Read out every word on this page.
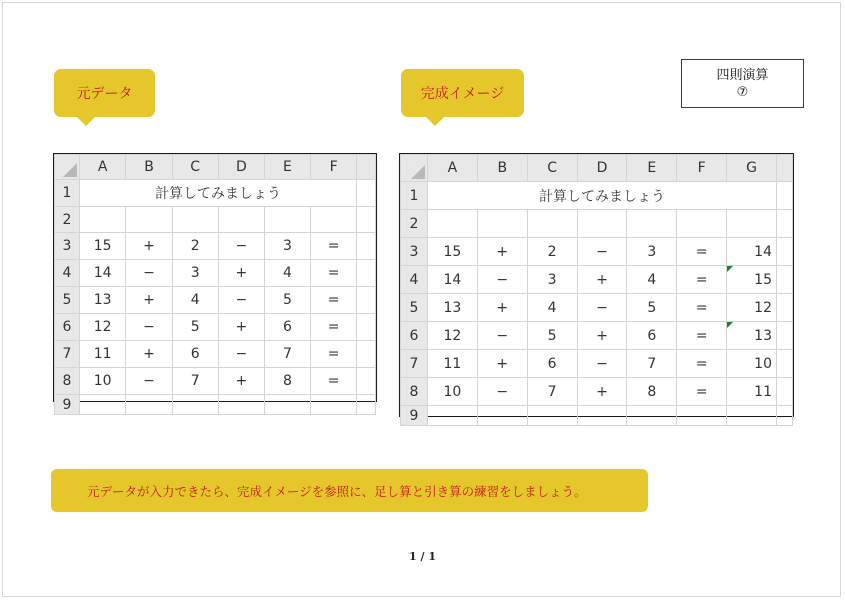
元データ	完成イメージ
四則演算
⑦
	A	B	C	D	E	F	
1	計算してみましょう						
2							
3	15	+	2	−	3	=	
4	14	−	3	+	4	=	
5	13	+	4	−	5	=	
6	12	−	5	+	6	=	
7	11	+	6	−	7	=	
8	10	−	7	+	8	=	
9							
	A	B	C	D	E	F	G	
1	計算してみましょう							
2								
3	15	+	2	−	3	=	14	
4	14	−	3	+	4	=	15	
5	13	+	4	−	5	=	12	
6	12	−	5	+	6	=	13	
7	11	+	6	−	7	=	10	
8	10	−	7	+	8	=	11	
9								
元データが入力できたら、完成イメージを参照に、足し算と引き算の練習をしましょう。
1 / 1
